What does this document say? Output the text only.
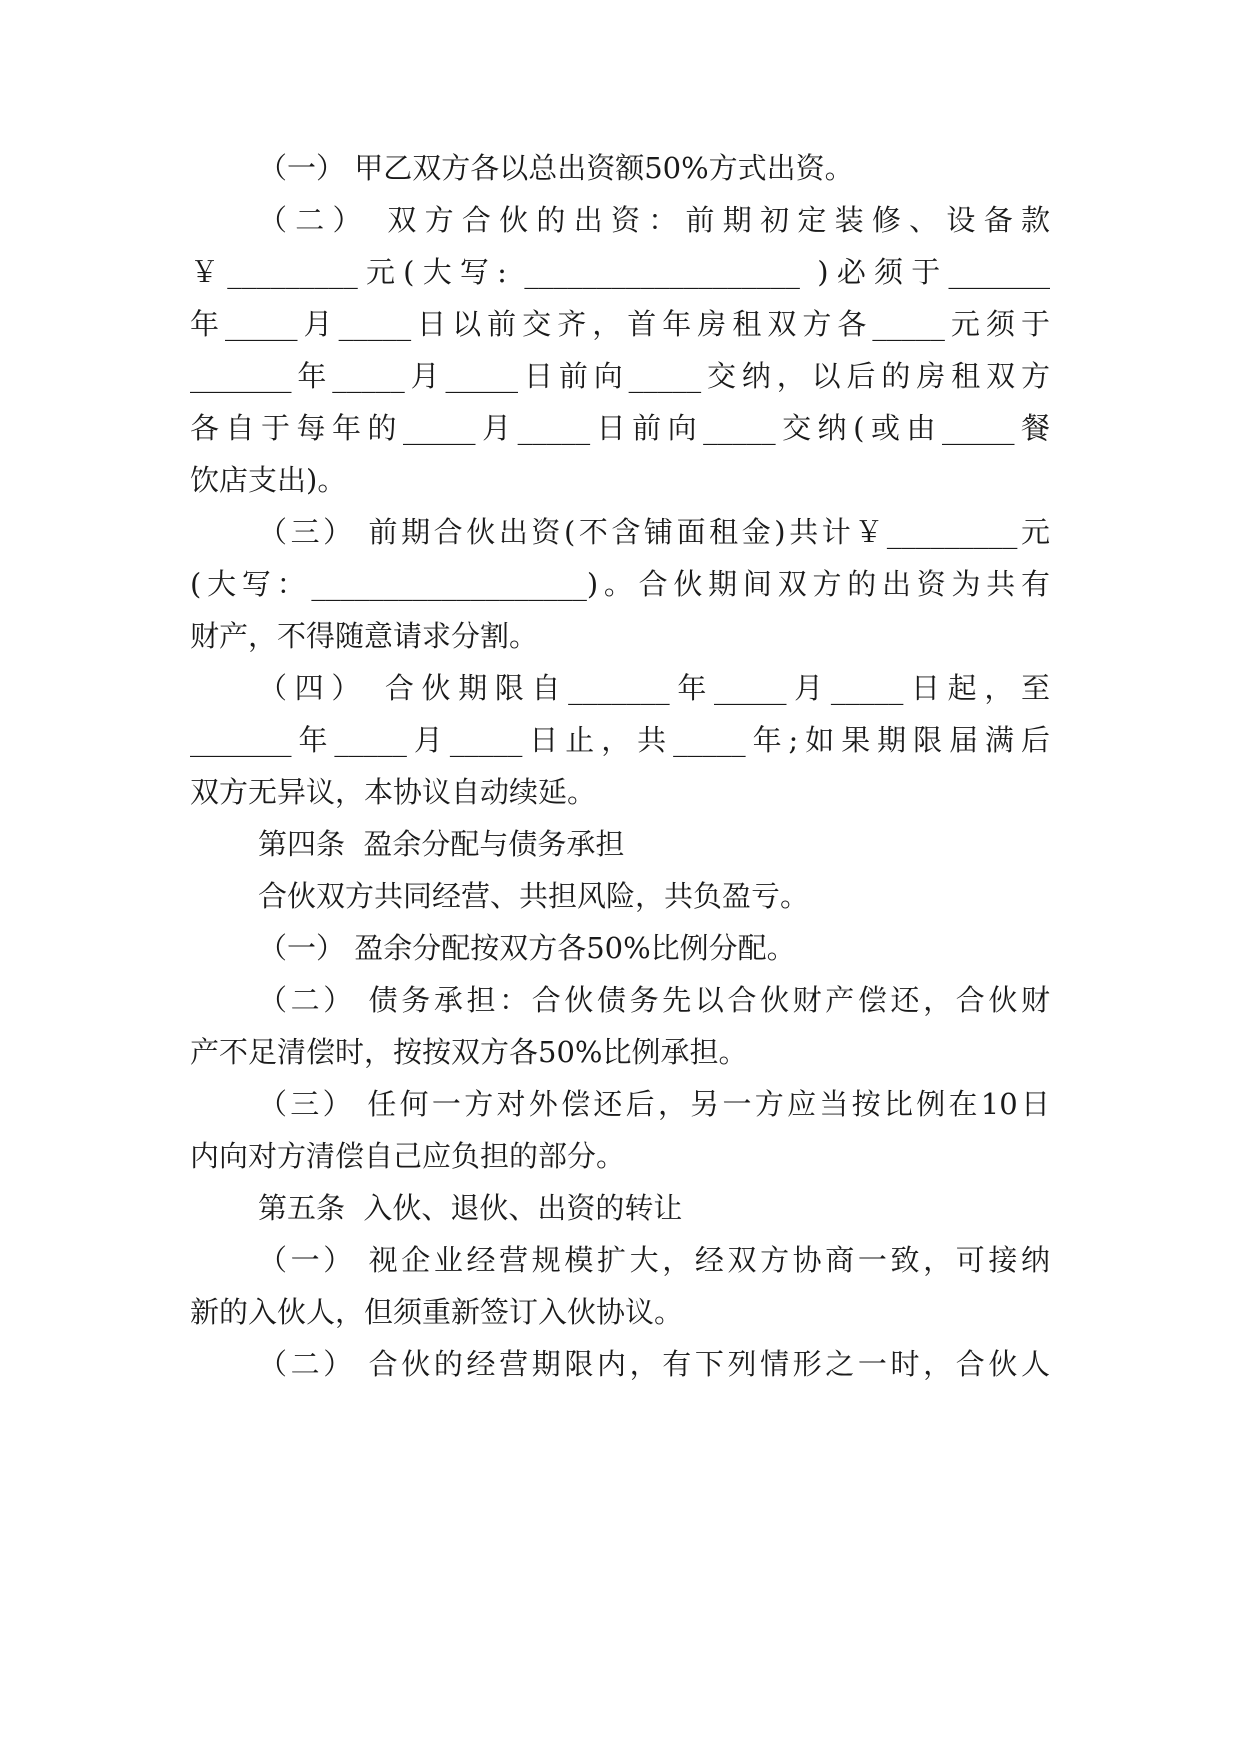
（一） 甲乙双方各以总出资额50%方式出资。
（二） 双方合伙的出资：前期初定装修、设备款
￥_________元(大写: ___________________ )必须于_______
年_____月_____日以前交齐，首年房租双方各_____元须于
_______年_____月_____日前向_____交纳，以后的房租双方
各自于每年的_____月_____日前向_____交纳(或由_____餐
饮店支出)。
（三） 前期合伙出资(不含铺面租金)共计￥_________元
(大写：___________________)。合伙期间双方的出资为共有
财产，不得随意请求分割。
（四） 合伙期限自_______年_____月_____日起，至
_______年_____月_____日止，共_____年;如果期限届满后
双方无异议，本协议自动续延。
第四条  盈余分配与债务承担
合伙双方共同经营、共担风险，共负盈亏。
（一） 盈余分配按双方各50%比例分配。
（二） 债务承担：合伙债务先以合伙财产偿还，合伙财
产不足清偿时，按按双方各50%比例承担。
（三） 任何一方对外偿还后，另一方应当按比例在10日
内向对方清偿自己应负担的部分。
第五条  入伙、退伙、出资的转让
（一） 视企业经营规模扩大，经双方协商一致，可接纳
新的入伙人，但须重新签订入伙协议。
（二） 合伙的经营期限内，有下列情形之一时，合伙人
